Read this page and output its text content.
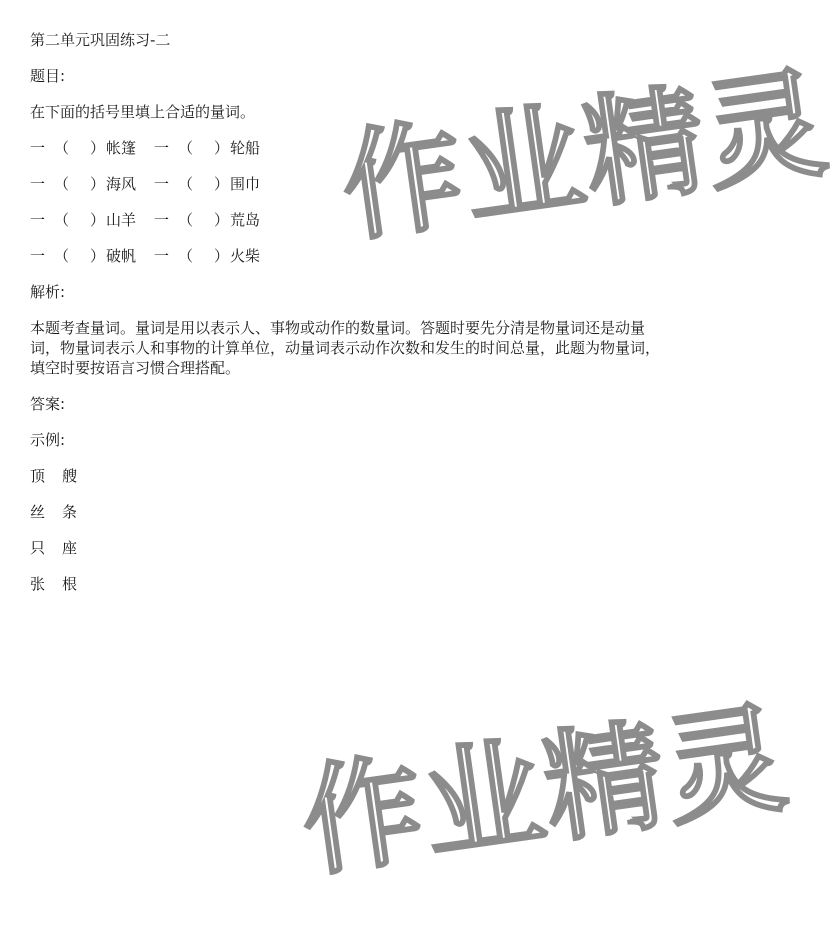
第二单元巩固练习-二
题目:
在下面的括号里填上合适的量词。
一 （	） 帐篷	一 （	） 轮船
一 （	） 海风	一 （	） 围巾
一 （	） 山羊	一 （	） 荒岛
一 （	） 破帆	一 （	） 火柴
解析:
本题考查量词。量词是用以表示人、事物或动作的数量词。答题时要先分清是物量词还是动量词，物量词表示人和事物的计算单位，动量词表示动作次数和发生的时间总量，此题为物量词，填空时要按语言习惯合理搭配。
答案:
示例:
顶	艘
丝	条
只	座
张	根
作业精灵
作业精灵
